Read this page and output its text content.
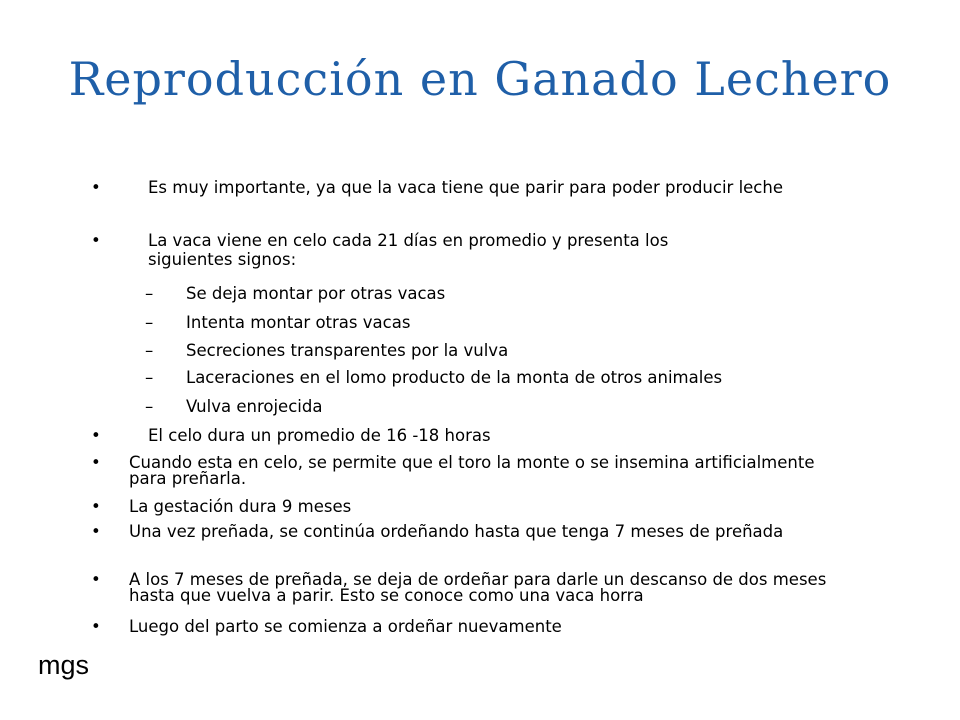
Reproducción en Ganado Lechero
•	Es muy importante, ya que la vaca tiene que parir para poder producir leche
•	La vaca viene en celo cada 21 días en promedio y presenta los siguientes signos:
– Se deja montar por otras vacas
– Intenta montar otras vacas
– Secreciones transparentes por la vulva
– Laceraciones en el lomo producto de la monta de otros animales
– Vulva enrojecida
•	El celo dura un promedio de 16 -18 horas
• Cuando esta en celo, se permite que el toro la monte o se insemina artificialmente para preñarla.
• La gestación dura 9 meses
• Una vez preñada, se continúa ordeñando hasta que tenga 7 meses de preñada
• A los 7 meses de preñada, se deja de ordeñar para darle un descanso de dos meses hasta que vuelva a parir. Esto se conoce como una vaca horra
• Luego del parto se comienza a ordeñar nuevamente
mgs
